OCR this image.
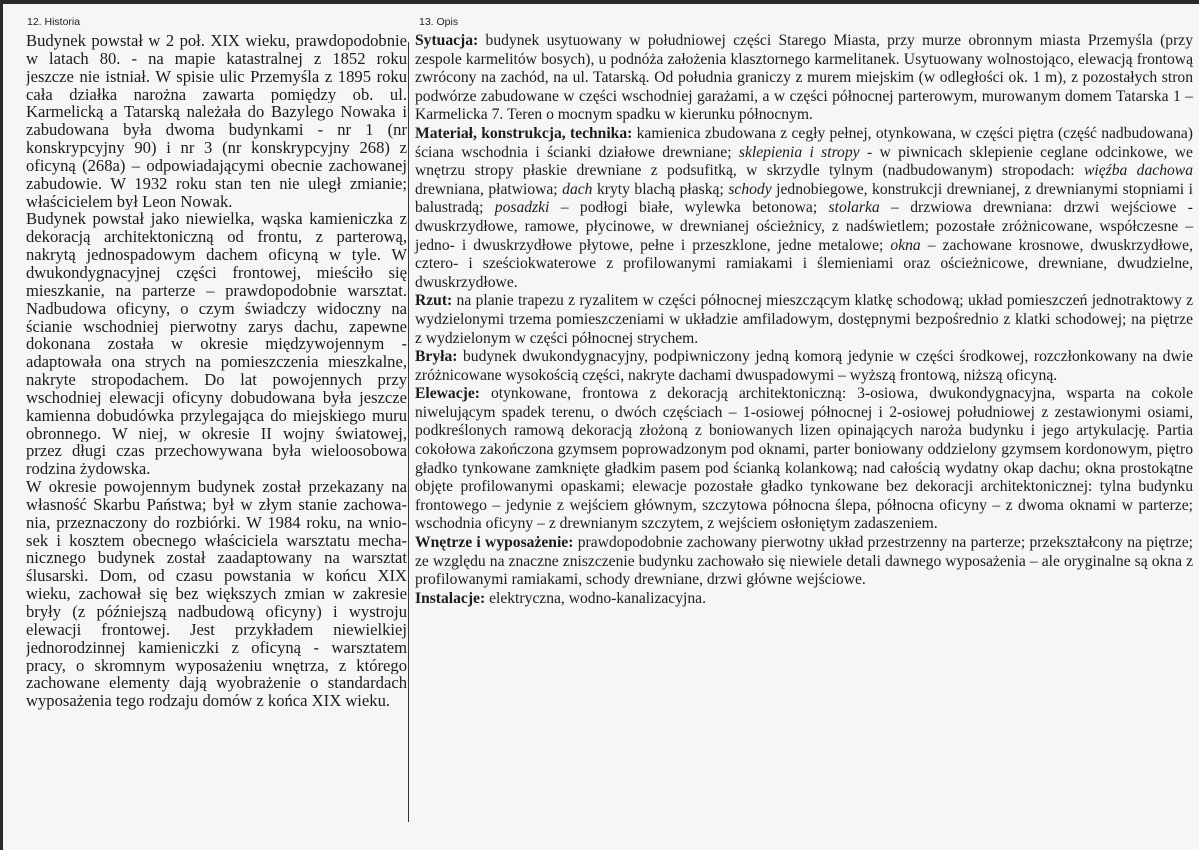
12. Historia	13. Opis
Budynek powstał w 2 poł. XIX wieku, prawdopodobnie
w latach 80. - na mapie katastralnej z 1852 roku
jeszcze nie istniał. W spisie ulic Przemyśla z 1895 roku
cała działka narożna zawarta pomiędzy ob. ul.
Karmelicką a Tatarską należała do Bazylego Nowaka i
zabudowana była dwoma budynkami - nr 1 (nr
konskrypcyjny 90) i nr 3 (nr konskrypcyjny 268) z
oficyną (268a) – odpowiadającymi obecnie zachowanej
zabudowie. W 1932 roku stan ten nie uległ zmianie;
właścicielem był Leon Nowak.
Budynek powstał jako niewielka, wąska kamieniczka z
dekoracją architektoniczną od frontu, z parterową,
nakrytą jednospadowym dachem oficyną w tyle. W
dwukondygnacyjnej części frontowej, mieściło się
mieszkanie, na parterze – prawdopodobnie warsztat.
Nadbudowa oficyny, o czym świadczy widoczny na
ścianie wschodniej pierwotny zarys dachu, zapewne
dokonana została w okresie międzywojennym -
adaptowała ona strych na pomieszczenia mieszkalne,
nakryte stropodachem. Do lat powojennych przy
wschodniej elewacji oficyny dobudowana była jeszcze
kamienna dobudówka przylegająca do miejskiego muru
obronnego. W niej, w okresie II wojny światowej,
przez długi czas przechowywana była wieloosobowa
rodzina żydowska.
W okresie powojennym budynek został przekazany na
własność Skarbu Państwa; był w złym stanie zachowa-
nia, przeznaczony do rozbiórki. W 1984 roku, na wnio-
sek i kosztem obecnego właściciela warsztatu mecha-
nicznego budynek został zaadaptowany na warsztat
ślusarski. Dom, od czasu powstania w końcu XIX
wieku, zachował się bez większych zmian w zakresie
bryły (z późniejszą nadbudową oficyny) i wystroju
elewacji frontowej. Jest przykładem niewielkiej
jednorodzinnej kamieniczki z oficyną - warsztatem
pracy, o skromnym wyposażeniu wnętrza, z którego
zachowane elementy dają wyobrażenie o standardach
wyposażenia tego rodzaju domów z końca XIX wieku.

Sytuacja: budynek usytuowany w południowej części Starego Miasta, przy murze obronnym miasta Przemyśla (przy zespole karmelitów bosych), u podnóża założenia klasztornego karmelitanek. Usytuowany wolnostojąco, elewacją frontową zwrócony na zachód, na ul. Tatarską. Od południa graniczy z murem miejskim (w odległości ok. 1 m), z pozostałych stron podwórze zabudowane w części wschodniej garażami, a w części północnej parterowym, murowanym domem Tatarska 1 – Karmelicka 7. Teren o mocnym spadku w kierunku północnym.

Materiał, konstrukcja, technika: kamienica zbudowana z cegły pełnej, otynkowana, w części piętra (część nadbudowana) ściana wschodnia i ścianki działowe drewniane; sklepienia i stropy - w piwnicach sklepienie ceglane odcinkowe, we wnętrzu stropy płaskie drewniane z podsufitką, w skrzydle tylnym (nadbudowanym) stropodach: więźba dachowa drewniana, płatwiowa; dach kryty blachą płaską; schody jednobiegowe, konstrukcji drewnianej, z drewnianymi stopniami i balustradą; posadzki – podłogi białe, wylewka betonowa; stolarka – drzwiowa drewniana: drzwi wejściowe - dwuskrzydłowe, ramowe, płycinowe, w drewnianej ościeżnicy, z nadświetlem; pozostałe zróżnicowane, współczesne – jedno- i dwuskrzydłowe płytowe, pełne i przeszklone, jedne metalowe; okna – zachowane krosnowe, dwuskrzydłowe, cztero- i sześciokwaterowe z profilowanymi ramiakami i ślemieniami oraz ościeżnicowe, drewniane, dwudzielne, dwuskrzydłowe.

Rzut: na planie trapezu z ryzalitem w części północnej mieszczącym klatkę schodową; układ pomieszczeń jednotraktowy z wydzielonymi trzema pomieszczeniami w układzie amfiladowym, dostępnymi bezpośrednio z klatki schodowej; na piętrze z wydzielonym w części północnej strychem.

Bryła: budynek dwukondygnacyjny, podpiwniczony jedną komorą jedynie w części środkowej, rozczłonkowany na dwie zróżnicowane wysokością części, nakryte dachami dwuspadowymi – wyższą frontową, niższą oficyną.

Elewacje: otynkowane, frontowa z dekoracją architektoniczną: 3-osiowa, dwukondygnacyjna, wsparta na cokole niwelującym spadek terenu, o dwóch częściach – 1-osiowej północnej i 2-osiowej południowej z zestawionymi osiami, podkreślonych ramową dekoracją złożoną z boniowanych lizen opinających naroża budynku i jego artykulację. Partia cokołowa zakończona gzymsem poprowadzonym pod oknami, parter boniowany oddzielony gzymsem kordonowym, piętro gładko tynkowane zamknięte gładkim pasem pod ścianką kolankową; nad całością wydatny okap dachu; okna prostokątne objęte profilowanymi opaskami; elewacje pozostałe gładko tynkowane bez dekoracji architektonicznej: tylna budynku frontowego – jedynie z wejściem głównym, szczytowa północna ślepa, północna oficyny – z dwoma oknami w parterze; wschodnia oficyny – z drewnianym szczytem, z wejściem osłoniętym zadaszeniem.

Wnętrze i wyposażenie: prawdopodobnie zachowany pierwotny układ przestrzenny na parterze; przekształcony na piętrze; ze względu na znaczne zniszczenie budynku zachowało się niewiele detali dawnego wyposażenia – ale oryginalne są okna z profilowanymi ramiakami, schody drewniane, drzwi główne wejściowe.

Instalacje: elektryczna, wodno-kanalizacyjna.
